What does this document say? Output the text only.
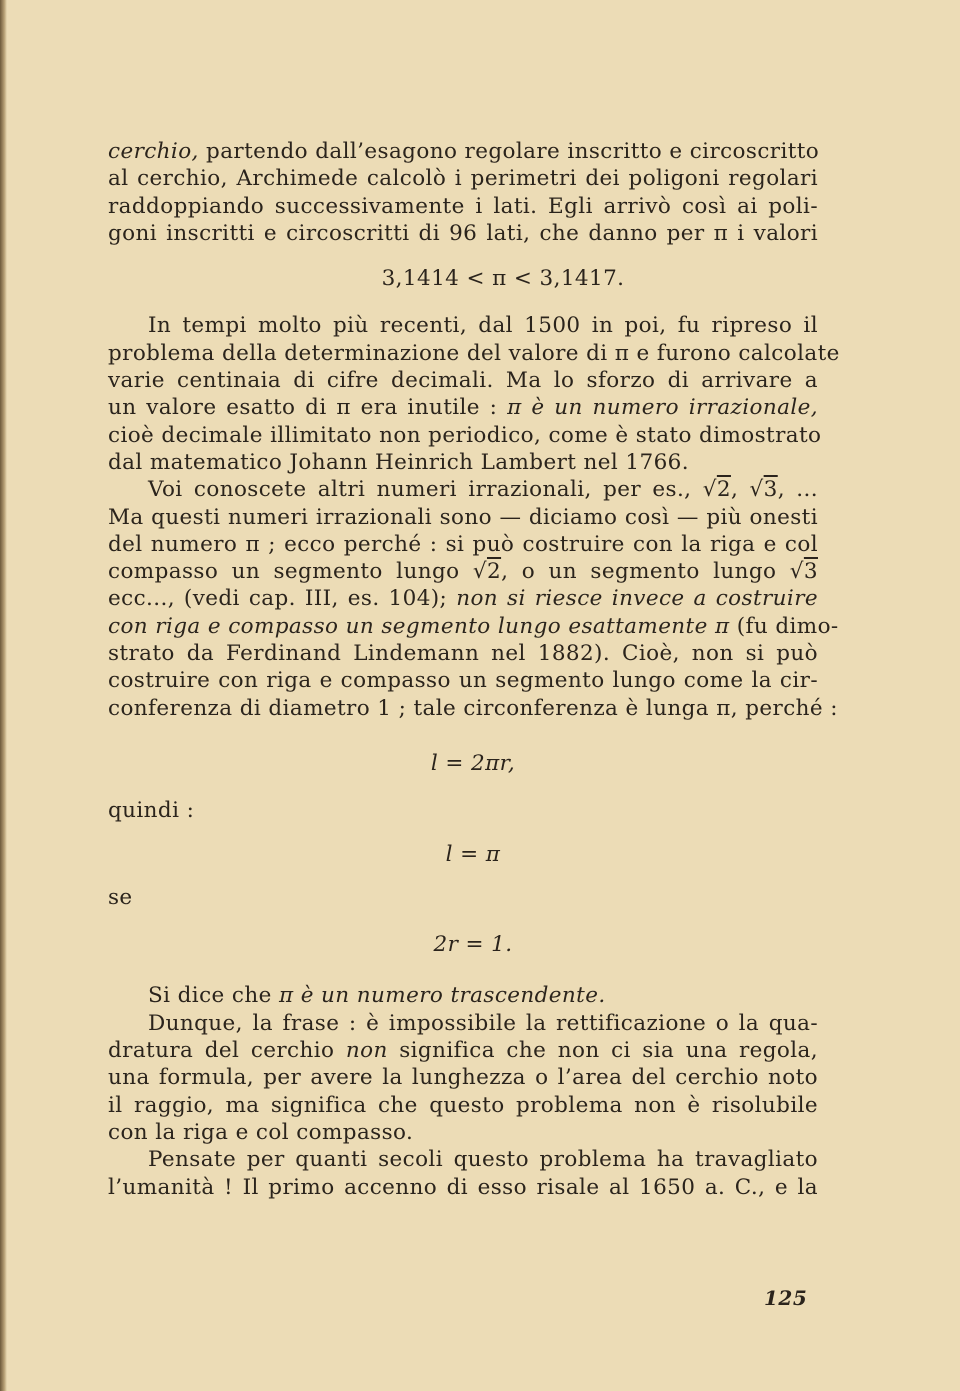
cerchio, partendo dall’esagono regolare inscritto e circoscritto
al cerchio, Archimede calcolò i perimetri dei poligoni regolari
raddoppiando successivamente i lati. Egli arrivò così ai poli-
goni inscritti e circoscritti di 96 lati, che danno per π i valori
3,1414 < π < 3,1417.
In tempi molto più recenti, dal 1500 in poi, fu ripreso il
problema della determinazione del valore di π e furono calcolate
varie centinaia di cifre decimali. Ma lo sforzo di arrivare a
un valore esatto di π era inutile : π è un numero irrazionale,
cioè decimale illimitato non periodico, come è stato dimostrato
dal matematico Johann Heinrich Lambert nel 1766.
Voi conoscete altri numeri irrazionali, per es., √2, √3, ...
Ma questi numeri irrazionali sono — diciamo così — più onesti
del numero π ; ecco perché : si può costruire con la riga e col
compasso un segmento lungo √2, o un segmento lungo √3
ecc..., (vedi cap. III, es. 104); non si riesce invece a costruire
con riga e compasso un segmento lungo esattamente π (fu dimo-
strato da Ferdinand Lindemann nel 1882). Cioè, non si può
costruire con riga e compasso un segmento lungo come la cir-
conferenza di diametro 1 ; tale circonferenza è lunga π, perché :
l = 2πr,
quindi :
l = π
se
2r = 1.
Si dice che π è un numero trascendente.
Dunque, la frase : è impossibile la rettificazione o la qua-
dratura del cerchio non significa che non ci sia una regola,
una formula, per avere la lunghezza o l’area del cerchio noto
il raggio, ma significa che questo problema non è risolubile
con la riga e col compasso.
Pensate per quanti secoli questo problema ha travagliato
l’umanità ! Il primo accenno di esso risale al 1650 a. C., e la
125
